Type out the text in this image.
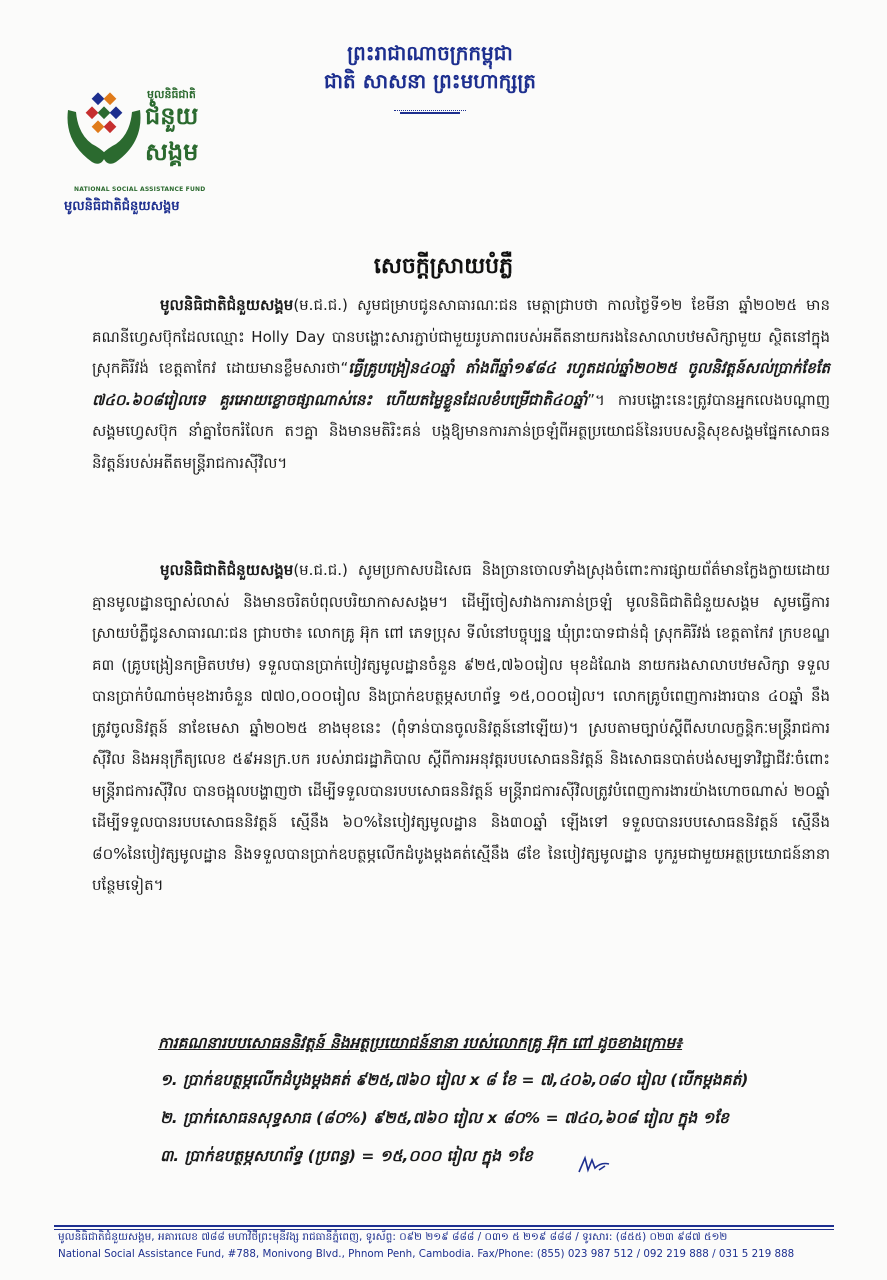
មូលនិធិជាតិ
ជំនួយ
សង្គម
NATIONAL SOCIAL ASSISTANCE FUND
មូលនិធិជាតិជំនួយសង្គម
ព្រះរាជាណាចក្រកម្ពុជា
ជាតិ សាសនា ព្រះមហាក្សត្រ
សេចក្តីស្រាយបំភ្លឺ
មូលនិធិជាតិជំនួយសង្គម(ម.ជ.ជ.) សូមជម្រាបជូនសាធារណៈជន មេត្តាជ្រាបថា កាលថ្ងៃទី១២ ខែមីនា ឆ្នាំ២០២៥ មានគណនីហ្វេសប៊ុកដែលឈ្មោះ Holly Day បានបង្ហោះសារភ្ជាប់ជាមួយរូបភាពរបស់អតីតនាយករងនៃសាលាបឋមសិក្សាមួយ ស្ថិតនៅក្នុងស្រុកគិរីវង់ ខេត្តតាកែវ ដោយមានខ្លឹមសារថា“ធ្វើគ្រូបង្រៀន៤០ឆ្នាំ តាំងពីឆ្នាំ១៩៨៤ រហូតដល់ឆ្នាំ២០២៥ ចូលនិវត្តន៍សល់ប្រាក់ខែតែ ៧៤០.៦០៨រៀលទេ គួរអោយខ្លោចផ្សាណាស់នេះ ហើយតម្លៃខ្លួនដែលខំបម្រើជាតិ៤០ឆ្នាំ”។ ការបង្ហោះនេះត្រូវបានអ្នកលេងបណ្តាញសង្គមហ្វេសប៊ុក នាំគ្នាចែករំលែក តៗគ្នា និងមានមតិរិះគន់ បង្កឱ្យមានការភាន់ច្រឡំពីអត្ថប្រយោជន៍នៃរបបសន្តិសុខសង្គមផ្នែកសោធននិវត្តន៍របស់អតីតមន្ត្រីរាជការស៊ីវិល។
មូលនិធិជាតិជំនួយសង្គម(ម.ជ.ជ.) សូមប្រកាសបដិសេធ និងច្រានចោលទាំងស្រុងចំពោះការផ្សាយព័ត៌មានក្លែងក្លាយដោយគ្មានមូលដ្ឋានច្បាស់លាស់ និងមានចរិតបំពុលបរិយាកាសសង្គម។ ដើម្បីចៀសវាងការភាន់ច្រឡំ មូលនិធិជាតិជំនួយសង្គម សូមធ្វើការស្រាយបំភ្លឺជូនសាធារណៈជន ជ្រាបថា៖ លោកគ្រូ អ៊ុក ពៅ ភេទប្រុស ទីលំនៅបច្ចុប្បន្ន ឃុំព្រះបាទជាន់ជុំ ស្រុកគិរីវង់ ខេត្តតាកែវ ក្របខណ្ឌ គ៣ (គ្រូបង្រៀនកម្រិតបឋម) ទទួលបានប្រាក់បៀវត្សមូលដ្ឋានចំនួន ៩២៥,៧៦០រៀល មុខដំណែង នាយករងសាលាបឋមសិក្សា ទទួលបានប្រាក់បំណាច់មុខងារចំនួន ៧៧០,០០០រៀល និងប្រាក់ឧបត្ថម្ភសហព័ទ្ធ ១៥,០០០រៀល។ លោកគ្រូបំពេញការងារបាន ៤០ឆ្នាំ នឹងត្រូវចូលនិវត្តន៍ នាខែមេសា ឆ្នាំ២០២៥ ខាងមុខនេះ (ពុំទាន់បានចូលនិវត្តន៍នៅឡើយ)។ ស្របតាមច្បាប់ស្តីពីសហលក្ខន្តិកៈមន្ត្រីរាជការស៊ីវិល និងអនុក្រឹត្យលេខ ៥៩អនក្រ.បក របស់រាជរដ្ឋាភិបាល ស្តីពីការអនុវត្តរបបសោធននិវត្តន៍ និងសោធនបាត់បង់សម្បទាវិជ្ជាជីវៈចំពោះមន្ត្រីរាជការស៊ីវិល បានចង្អុលបង្ហាញថា ដើម្បីទទួលបានរបបសោធននិវត្តន៍ មន្ត្រីរាជការស៊ីវិលត្រូវបំពេញការងារយ៉ាងហោចណាស់ ២០ឆ្នាំ ដើម្បីទទួលបានរបបសោធននិវត្តន៍ ស្មើនឹង ៦០%នៃបៀវត្សមូលដ្ឋាន និង៣០ឆ្នាំ ឡើងទៅ ទទួលបានរបបសោធននិវត្តន៍ ស្មើនឹង ៨០%នៃបៀវត្សមូលដ្ឋាន និងទទួលបានប្រាក់ឧបត្ថម្ភលើកដំបូងម្តងគត់ស្មើនឹង ៨ខែ នៃបៀវត្សមូលដ្ឋាន បូករួមជាមួយអត្ថប្រយោជន៍នានាបន្ថែមទៀត។
ការគណនារបបសោធននិវត្តន៍ និងអត្ថប្រយោជន៍នានា របស់លោកគ្រូ អ៊ុក ពៅ ដូចខាងក្រោម៖
១. ប្រាក់ឧបត្ថម្ភលើកដំបូងម្តងគត់ ៩២៥,៧៦០ រៀល x ៨ ខែ = ៧,៤០៦,០៨០ រៀល (បើកម្តងគត់)
២. ប្រាក់សោធនសុទ្ធសាធ (៨០%) ៩២៥,៧៦០ រៀល x ៨០% = ៧៤០,៦០៨ រៀល ក្នុង ១ខែ
៣. ប្រាក់ឧបត្ថម្ភសហព័ទ្ធ (ប្រពន្ធ) = ១៥,០០០ រៀល ក្នុង ១ខែ
មូលនិធិជាតិជំនួយសង្គម, អគារលេខ ៧៨៨ មហាវិថីព្រះមុនីវង្ស រាជធានីភ្នំពេញ, ទូរស័ព្ទ: ០៩២ ២១៩ ៨៨៨ / ០៣១ ៥ ២១៩ ៨៨៨ / ទូរសារ: (៨៥៥) ០២៣ ៩៨៧ ៥១២
National Social Assistance Fund, #788, Monivong Blvd., Phnom Penh, Cambodia. Fax/Phone: (855) 023 987 512 / 092 219 888 / 031 5 219 888
